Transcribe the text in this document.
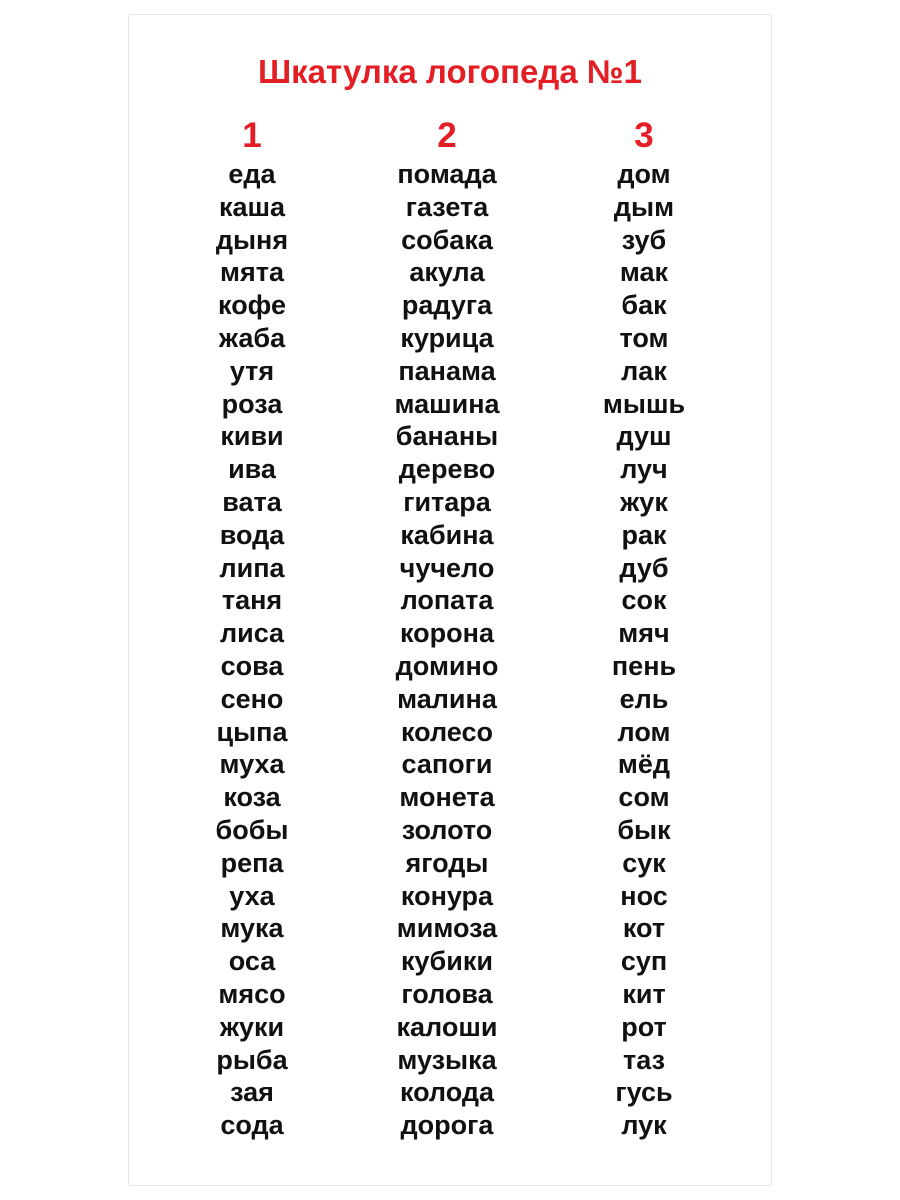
Шкатулка логопеда №1
1
еда
каша
дыня
мята
кофе
жаба
утя
роза
киви
ива
вата
вода
липа
таня
лиса
сова
сено
цыпа
муха
коза
бобы
репа
уха
мука
оса
мясо
жуки
рыба
зая
сода
2
помада
газета
собака
акула
радуга
курица
панама
машина
бананы
дерево
гитара
кабина
чучело
лопата
корона
домино
малина
колесо
сапоги
монета
золото
ягоды
конура
мимоза
кубики
голова
калоши
музыка
колода
дорога
3
дом
дым
зуб
мак
бак
том
лак
мышь
душ
луч
жук
рак
дуб
сок
мяч
пень
ель
лом
мёд
сом
бык
сук
нос
кот
суп
кит
рот
таз
гусь
лук
